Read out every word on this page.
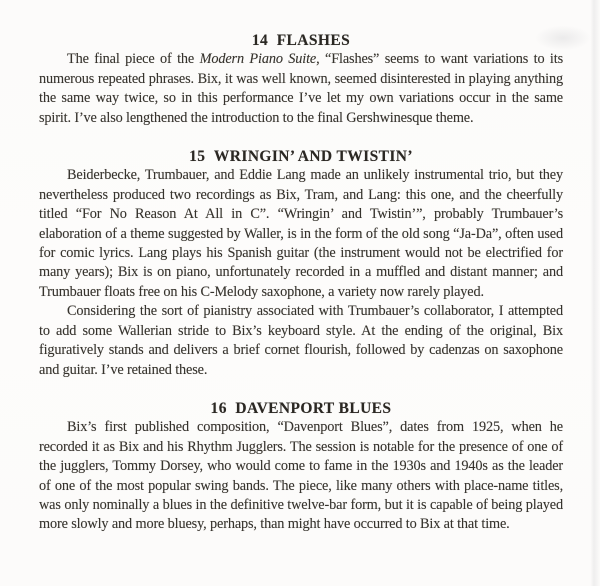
14 FLASHES

The final piece of the Modern Piano Suite, “Flashes” seems to want variations to its numerous repeated phrases. Bix, it was well known, seemed disinterested in playing anything the same way twice, so in this performance I’ve let my own variations occur in the same spirit. I’ve also lengthened the introduction to the final Gershwinesque theme.

15 WRINGIN’ AND TWISTIN’

Beiderbecke, Trumbauer, and Eddie Lang made an unlikely instrumental trio, but they nevertheless produced two recordings as Bix, Tram, and Lang: this one, and the cheerfully titled “For No Reason At All in C”. “Wringin’ and Twistin’”, probably Trumbauer’s elaboration of a theme suggested by Waller, is in the form of the old song “Ja-Da”, often used for comic lyrics. Lang plays his Spanish guitar (the instrument would not be electrified for many years); Bix is on piano, unfortunately recorded in a muffled and distant manner; and Trumbauer floats free on his C-Melody saxophone, a variety now rarely played.

Considering the sort of pianistry associated with Trumbauer’s collaborator, I attempted to add some Wallerian stride to Bix’s keyboard style. At the ending of the original, Bix figuratively stands and delivers a brief cornet flourish, followed by cadenzas on saxophone and guitar. I’ve retained these.

16 DAVENPORT BLUES

Bix’s first published composition, “Davenport Blues”, dates from 1925, when he recorded it as Bix and his Rhythm Jugglers. The session is notable for the presence of one of the jugglers, Tommy Dorsey, who would come to fame in the 1930s and 1940s as the leader of one of the most popular swing bands. The piece, like many others with place-name titles, was only nominally a blues in the definitive twelve-bar form, but it is capable of being played more slowly and more bluesy, perhaps, than might have occurred to Bix at that time.
